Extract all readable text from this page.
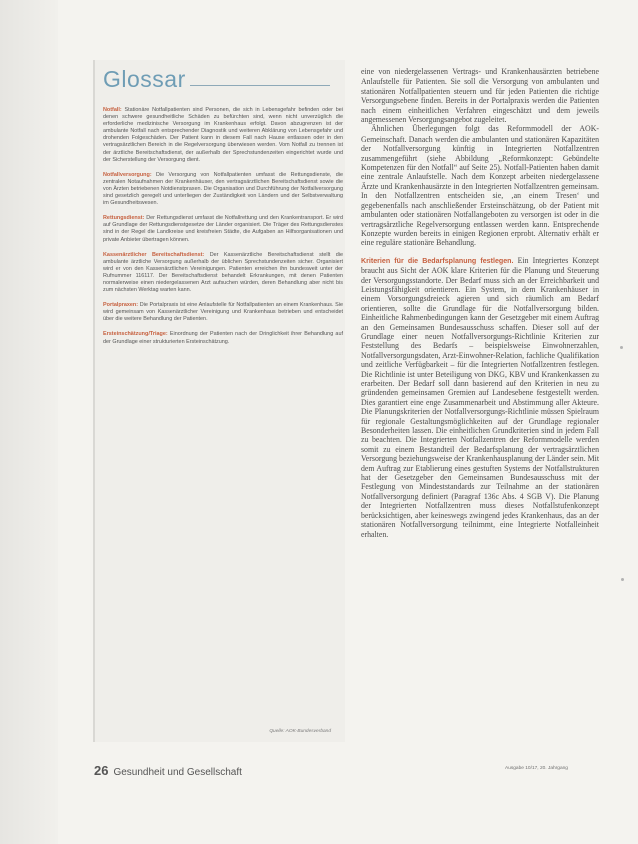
Glossar

Notfall: Stationäre Notfallpatienten sind Personen, die sich in Lebensgefahr befinden oder bei denen schwere gesundheitliche Schäden zu befürchten sind, wenn nicht unverzüglich die erforderliche medizinische Versorgung im Krankenhaus erfolgt. Davon abzugrenzen ist der ambulante Notfall nach entsprechender Diagnostik und weiteren Abklärung von Lebensgefahr und drohenden Folgeschäden. Der Patient kann in diesem Fall nach Hause entlassen oder in den vertragsärztlichen Bereich in die Regelversorgung überwiesen werden. Vom Notfall zu trennen ist der ärztliche Bereitschaftsdienst, der außerhalb der Sprechstundenzeiten eingerichtet wurde und der Sicherstellung der Versorgung dient.

Notfallversorgung: Die Versorgung von Notfallpatienten umfasst die Rettungsdienste, die zentralen Notaufnahmen der Krankenhäuser, den vertragsärztlichen Bereitschaftsdienst sowie die von Ärzten betriebenen Notdienstpraxen. Die Organisation und Durchführung der Notfallversorgung sind gesetzlich geregelt und unterliegen der Zuständigkeit von Ländern und der Selbstverwaltung im Gesundheitswesen.

Rettungsdienst: Der Rettungsdienst umfasst die Notfallrettung und den Krankentransport. Er wird auf Grundlage der Rettungsdienstgesetze der Länder organisiert. Die Träger des Rettungsdienstes sind in der Regel die Landkreise und kreisfreien Städte, die Aufgaben an Hilfsorganisationen und private Anbieter übertragen können.

Kassenärztlicher Bereitschaftsdienst: Der Kassenärztliche Bereitschaftsdienst stellt die ambulante ärztliche Versorgung außerhalb der üblichen Sprechstundenzeiten sicher. Organisiert wird er von den Kassenärztlichen Vereinigungen. Patienten erreichen ihn bundesweit unter der Rufnummer 116117. Der Bereitschaftsdienst behandelt Erkrankungen, mit denen Patienten normalerweise einen niedergelassenen Arzt aufsuchen würden, deren Behandlung aber nicht bis zum nächsten Werktag warten kann.

Portalpraxen: Die Portalpraxis ist eine Anlaufstelle für Notfallpatienten an einem Krankenhaus. Sie wird gemeinsam von Kassenärztlicher Vereinigung und Krankenhaus betrieben und entscheidet über die weitere Behandlung der Patienten.

Ersteinschätzung/Triage: Einordnung der Patienten nach der Dringlichkeit ihrer Behandlung auf der Grundlage einer strukturierten Ersteinschätzung.

Quelle: AOK-Bundesverband

eine von niedergelassenen Vertrags- und Krankenhausärzten betriebene Anlaufstelle für Patienten. Sie soll die Versorgung von ambulanten und stationären Notfallpatienten steuern und für jeden Patienten die richtige Versorgungsebene finden. Bereits in der Portalpraxis werden die Patienten nach einem einheitlichen Verfahren eingeschätzt und dem jeweils angemessenen Versorgungsangebot zugeleitet.

Ähnlichen Überlegungen folgt das Reformmodell der AOK-Gemeinschaft. Danach werden die ambulanten und stationären Kapazitäten der Notfallversorgung künftig in Integrierten Notfallzentren zusammengeführt (siehe Abbildung „Reformkonzept: Gebündelte Kompetenzen für den Notfall“ auf Seite 25). Notfall-Patienten haben damit eine zentrale Anlaufstelle. Nach dem Konzept arbeiten niedergelassene Ärzte und Krankenhausärzte in den Integrierten Notfallzentren gemeinsam. In den Notfallzentren entscheiden sie, ‚an einem Tresen‘ und gegebenenfalls nach anschließender Ersteinschätzung, ob der Patient mit ambulanten oder stationären Notfallangeboten zu versorgen ist oder in die vertragsärztliche Regelversorgung entlassen werden kann. Entsprechende Konzepte wurden bereits in einigen Regionen erprobt. Alternativ erhält er eine reguläre stationäre Behandlung.

Kriterien für die Bedarfsplanung festlegen. Ein Integriertes Konzept braucht aus Sicht der AOK klare Kriterien für die Planung und Steuerung der Versorgungsstandorte. Der Bedarf muss sich an der Erreichbarkeit und Leistungsfähigkeit orientieren. Ein System, in dem Krankenhäuser in einem Vorsorgungsdreieck agieren und sich räumlich am Bedarf orientieren, sollte die Grundlage für die Notfallversorgung bilden. Einheitliche Rahmenbedingungen kann der Gesetzgeber mit einem Auftrag an den Gemeinsamen Bundesausschuss schaffen. Dieser soll auf der Grundlage einer neuen Notfallversorgungs-Richtlinie Kriterien zur Feststellung des Bedarfs – beispielsweise Einwohnerzahlen, Notfallversorgungsdaten, Arzt-Einwohner-Relation, fachliche Qualifikation und zeitliche Verfügbarkeit – für die Integrierten Notfallzentren festlegen. Die Richtlinie ist unter Beteiligung von DKG, KBV und Krankenkassen zu erarbeiten. Der Bedarf soll dann basierend auf den Kriterien in neu zu gründenden gemeinsamen Gremien auf Landesebene festgestellt werden. Dies garantiert eine enge Zusammenarbeit und Abstimmung aller Akteure. Die Planungskriterien der Notfallversorgungs-Richtlinie müssen Spielraum für regionale Gestaltungsmöglichkeiten auf der Grundlage regionaler Besonderheiten lassen. Die einheitlichen Grundkriterien sind in jedem Fall zu beachten. Die Integrierten Notfallzentren der Reformmodelle werden somit zu einem Bestandteil der Bedarfsplanung der vertragsärztlichen Versorgung beziehungsweise der Krankenhausplanung der Länder sein. Mit dem Auftrag zur Etablierung eines gestuften Systems der Notfallstrukturen hat der Gesetzgeber den Gemeinsamen Bundesausschuss mit der Festlegung von Mindeststandards zur Teilnahme an der stationären Notfallversorgung definiert (Paragraf 136c Abs. 4 SGB V). Die Planung der Integrierten Notfallzentren muss dieses Notfallstufenkonzept berücksichtigen, aber keineswegs zwingend jedes Krankenhaus, das an der stationären Notfallversorgung teilnimmt, eine Integrierte Notfalleinheit erhalten.

26 Gesundheit und Gesellschaft	Ausgabe 10/17, 20. Jahrgang
